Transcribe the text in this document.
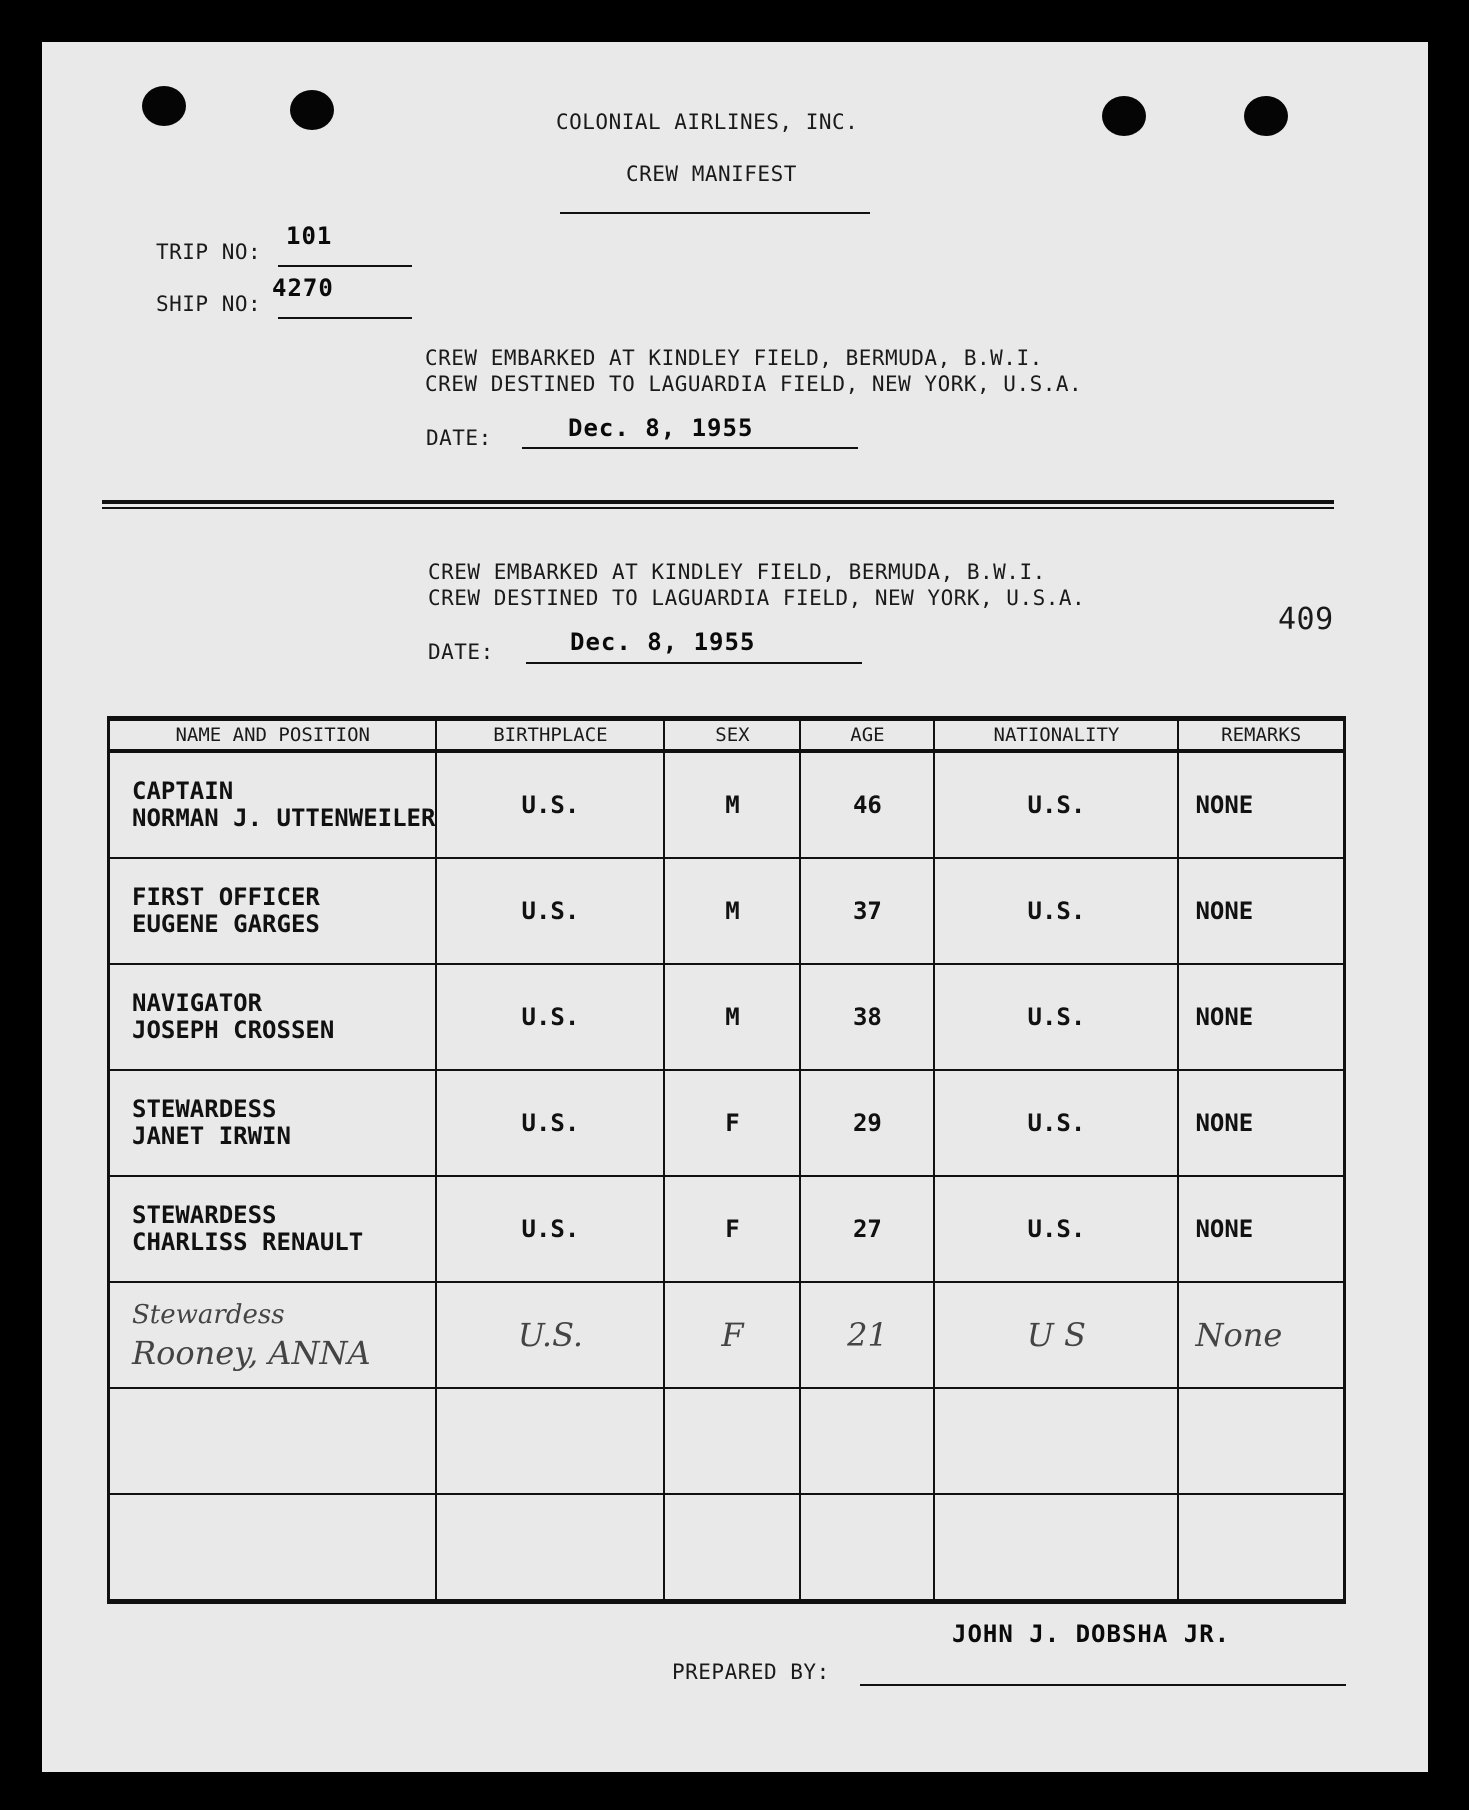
COLONIAL AIRLINES, INC.
CREW MANIFEST
TRIP NO:
101
SHIP NO:
4270
CREW EMBARKED AT KINDLEY FIELD, BERMUDA, B.W.I.
CREW DESTINED TO LAGUARDIA FIELD, NEW YORK, U.S.A.
DATE:	Dec. 8, 1955
CREW EMBARKED AT KINDLEY FIELD, BERMUDA, B.W.I.
CREW DESTINED TO LAGUARDIA FIELD, NEW YORK, U.S.A.
409
DATE:	Dec. 8, 1955
NAME AND POSITION	BIRTHPLACE	SEX	AGE	NATIONALITY	REMARKS
CAPTAIN
NORMAN J. UTTENWEILER	U.S.	M	46	U.S.	NONE
FIRST OFFICER
EUGENE GARGES	U.S.	M	37	U.S.	NONE
NAVIGATOR
JOSEPH CROSSEN	U.S.	M	38	U.S.	NONE
STEWARDESS
JANET IRWIN	U.S.	F	29	U.S.	NONE
STEWARDESS
CHARLISS RENAULT	U.S.	F	27	U.S.	NONE
Stewardess
Rooney, ANNA	U.S.	F	21	U S	None

JOHN J. DOBSHA JR.
PREPARED BY:
